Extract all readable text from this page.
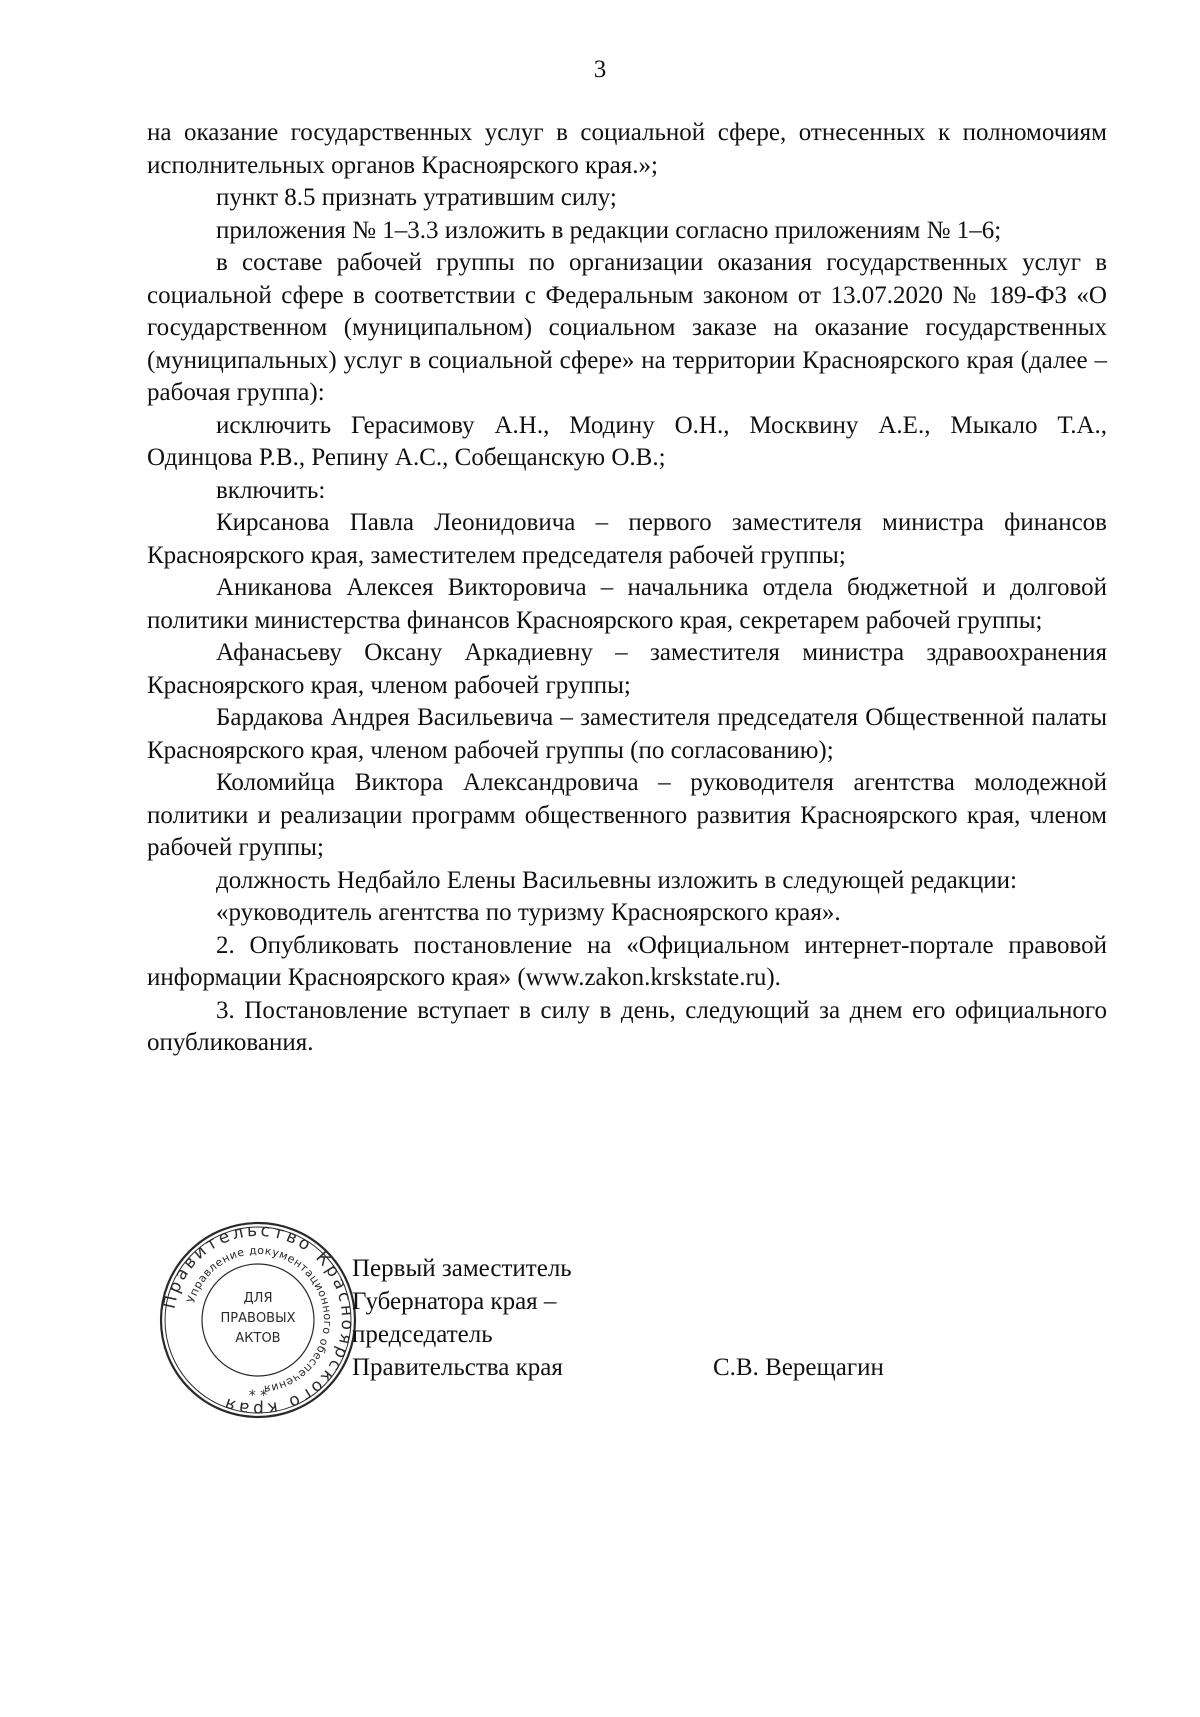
3

на оказание государственных услуг в социальной сфере, отнесенных к полномочиям исполнительных органов Красноярского края.»;

пункт 8.5 признать утратившим силу;

приложения № 1–3.3 изложить в редакции согласно приложениям № 1–6;

в составе рабочей группы по организации оказания государственных услуг в социальной сфере в соответствии с Федеральным законом от 13.07.2020 № 189-ФЗ «О государственном (муниципальном) социальном заказе на оказание государственных (муниципальных) услуг в социальной сфере» на территории Красноярского края (далее – рабочая группа):

исключить Герасимову А.Н., Модину О.Н., Москвину А.Е., Мыкало Т.А., Одинцова Р.В., Репину А.С., Собещанскую О.В.;

включить:

Кирсанова Павла Леонидовича – первого заместителя министра финансов Красноярского края, заместителем председателя рабочей группы;

Аниканова Алексея Викторовича – начальника отдела бюджетной и долговой политики министерства финансов Красноярского края, секретарем рабочей группы;

Афанасьеву Оксану Аркадиевну – заместителя министра здравоохранения Красноярского края, членом рабочей группы;

Бардакова Андрея Васильевича – заместителя председателя Общественной палаты Красноярского края, членом рабочей группы (по согласованию);

Коломийца Виктора Александровича – руководителя агентства молодежной политики и реализации программ общественного развития Красноярского края, членом рабочей группы;

должность Недбайло Елены Васильевны изложить в следующей редакции:

«руководитель агентства по туризму Красноярского края».

2. Опубликовать постановление на «Официальном интернет-портале правовой информации Красноярского края» (www.zakon.krskstate.ru).

3. Постановление вступает в силу в день, следующий за днем его официального опубликования.

Правительство Красноярского края
Управление документационного обеспечения
ДЛЯ
ПРАВОВЫХ
АКТОВ
* *
Первый заместитель
Губернатора края –
председатель
Правительства края	С.В. Верещагин
